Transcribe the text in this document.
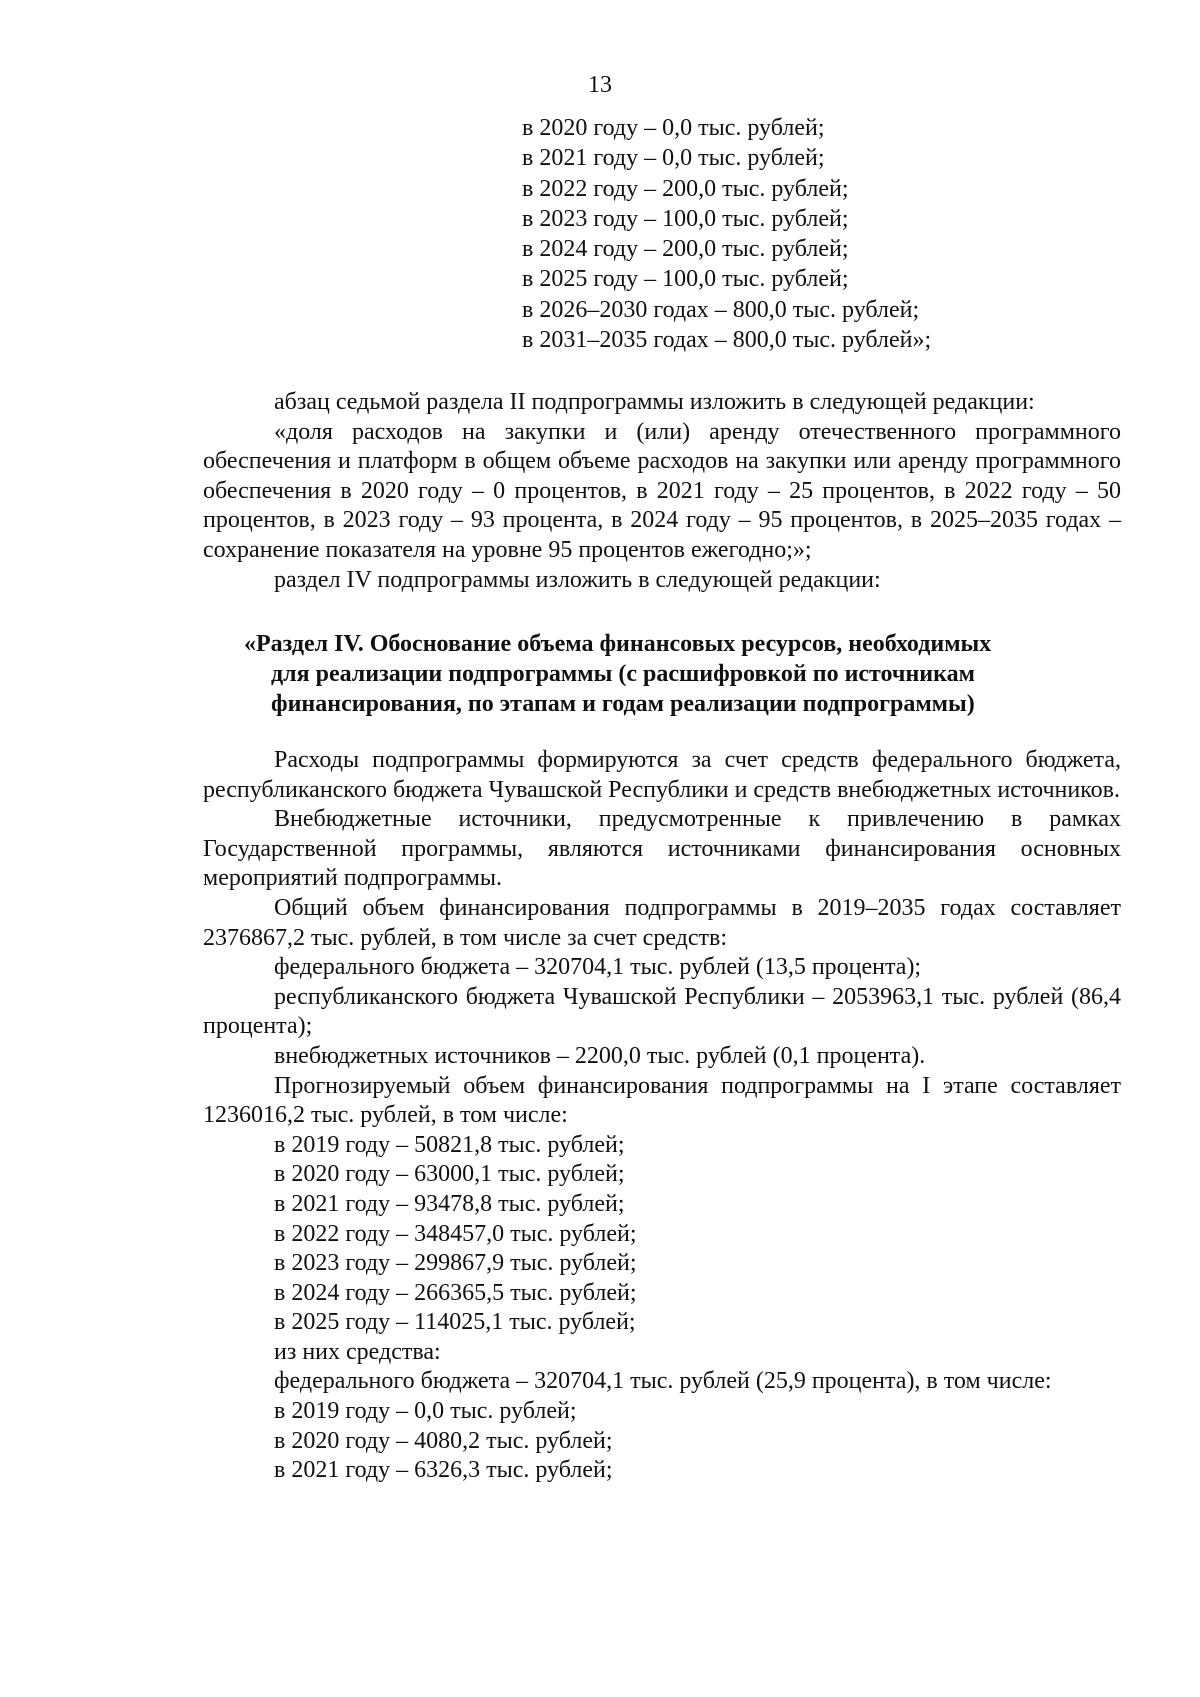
13
в 2020 году – 0,0 тыс. рублей;
в 2021 году – 0,0 тыс. рублей;
в 2022 году – 200,0 тыс. рублей;
в 2023 году – 100,0 тыс. рублей;
в 2024 году – 200,0 тыс. рублей;
в 2025 году – 100,0 тыс. рублей;
в 2026–2030 годах – 800,0 тыс. рублей;
в 2031–2035 годах – 800,0 тыс. рублей»;

абзац седьмой раздела II подпрограммы изложить в следующей редакции:

«доля расходов на закупки и (или) аренду отечественного программного обеспечения и платформ в общем объеме расходов на закупки или аренду программного обеспечения в 2020 году – 0 процентов, в 2021 году – 25 процентов, в 2022 году – 50 процентов, в 2023 году – 93 процента, в 2024 году – 95 процентов, в 2025–2035 годах – сохранение показателя на уровне 95 процентов ежегодно;»;

раздел IV подпрограммы изложить в следующей редакции:

«Раздел IV. Обоснование объема финансовых ресурсов, необходимых
для реализации подпрограммы (с расшифровкой по источникам
финансирования, по этапам и годам реализации подпрограммы)

Расходы подпрограммы формируются за счет средств федерального бюджета, республиканского бюджета Чувашской Республики и средств внебюджетных источников.

Внебюджетные источники, предусмотренные к привлечению в рамках Государственной программы, являются источниками финансирования основных мероприятий подпрограммы.

Общий объем финансирования подпрограммы в 2019–2035 годах составляет 2376867,2 тыс. рублей, в том числе за счет средств:

федерального бюджета – 320704,1 тыс. рублей (13,5 процента);

республиканского бюджета Чувашской Республики – 2053963,1 тыс. рублей (86,4 процента);

внебюджетных источников – 2200,0 тыс. рублей (0,1 процента).

Прогнозируемый объем финансирования подпрограммы на I этапе составляет 1236016,2 тыс. рублей, в том числе:

в 2019 году – 50821,8 тыс. рублей;
в 2020 году – 63000,1 тыс. рублей;
в 2021 году – 93478,8 тыс. рублей;
в 2022 году – 348457,0 тыс. рублей;
в 2023 году – 299867,9 тыс. рублей;
в 2024 году – 266365,5 тыс. рублей;
в 2025 году – 114025,1 тыс. рублей;
из них средства:

федерального бюджета – 320704,1 тыс. рублей (25,9 процента), в том числе:

в 2019 году – 0,0 тыс. рублей;
в 2020 году – 4080,2 тыс. рублей;
в 2021 году – 6326,3 тыс. рублей;
